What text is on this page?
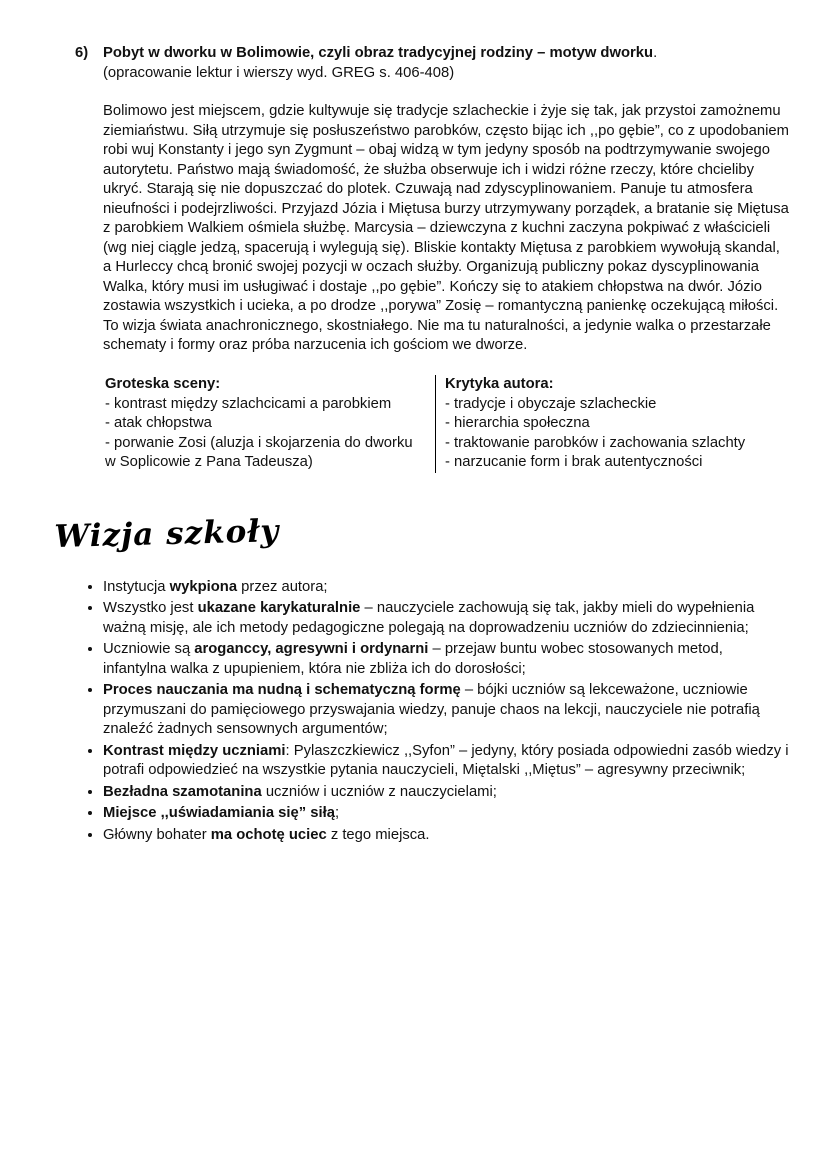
6)	Pobyt w dworku w Bolimowie, czyli obraz tradycyjnej rodziny – motyw dworku.
(opracowanie lektur i wierszy wyd. GREG s. 406-408)

Bolimowo jest miejscem, gdzie kultywuje się tradycje szlacheckie i żyje się tak, jak przystoi zamożnemu ziemiaństwu. Siłą utrzymuje się posłuszeństwo parobków, często bijąc ich ,,po gębie”, co z upodobaniem robi wuj Konstanty i jego syn Zygmunt – obaj widzą w tym jedyny sposób na podtrzymywanie swojego autorytetu. Państwo mają świadomość, że służba obserwuje ich i widzi różne rzeczy, które chcieliby ukryć. Starają się nie dopuszczać do plotek. Czuwają nad zdyscyplinowaniem. Panuje tu atmosfera nieufności i podejrzliwości. Przyjazd Józia i Miętusa burzy utrzymywany porządek, a bratanie się Miętusa z parobkiem Walkiem ośmiela służbę. Marcysia – dziewczyna z kuchni zaczyna pokpiwać z właścicieli (wg niej ciągle jedzą, spacerują i wylegują się). Bliskie kontakty Miętusa z parobkiem wywołują skandal, a Hurleccy chcą bronić swojej pozycji w oczach służby. Organizują publiczny pokaz dyscyplinowania Walka, który musi im usługiwać i dostaje ,,po gębie”. Kończy się to atakiem chłopstwa na dwór. Józio zostawia wszystkich i ucieka, a po drodze ,,porywa” Zosię – romantyczną panienkę oczekującą miłości.

To wizja świata anachronicznego, skostniałego. Nie ma tu naturalności, a jedynie walka o przestarzałe schematy i formy oraz próba narzucenia ich gościom we dworze.

Groteska sceny:
- kontrast między szlachcicami a parobkiem
- atak chłopstwa
- porwanie Zosi (aluzja i skojarzenia do dworku w Soplicowie z Pana Tadeusza)
Krytyka autora:
- tradycje i obyczaje szlacheckie
- hierarchia społeczna
- traktowanie parobków i zachowania szlachty
- narzucanie form i brak autentyczności
Wizja szkoły
• Instytucja wykpiona przez autora;
• Wszystko jest ukazane karykaturalnie – nauczyciele zachowują się tak, jakby mieli do wypełnienia ważną misję, ale ich metody pedagogiczne polegają na doprowadzeniu uczniów do zdziecinnienia;
• Uczniowie są aroganccy, agresywni i ordynarni – przejaw buntu wobec stosowanych metod, infantylna walka z upupieniem, która nie zbliża ich do dorosłości;
• Proces nauczania ma nudną i schematyczną formę – bójki uczniów są lekceważone, uczniowie przymuszani do pamięciowego przyswajania wiedzy, panuje chaos na lekcji, nauczyciele nie potrafią znaleźć żadnych sensownych argumentów;
• Kontrast między uczniami: Pylaszczkiewicz ,,Syfon” – jedyny, który posiada odpowiedni zasób wiedzy i potrafi odpowiedzieć na wszystkie pytania nauczycieli, Miętalski ,,Miętus” – agresywny przeciwnik;
• Bezładna szamotanina uczniów i uczniów z nauczycielami;
• Miejsce ,,uświadamiania się” siłą;
• Główny bohater ma ochotę uciec z tego miejsca.
